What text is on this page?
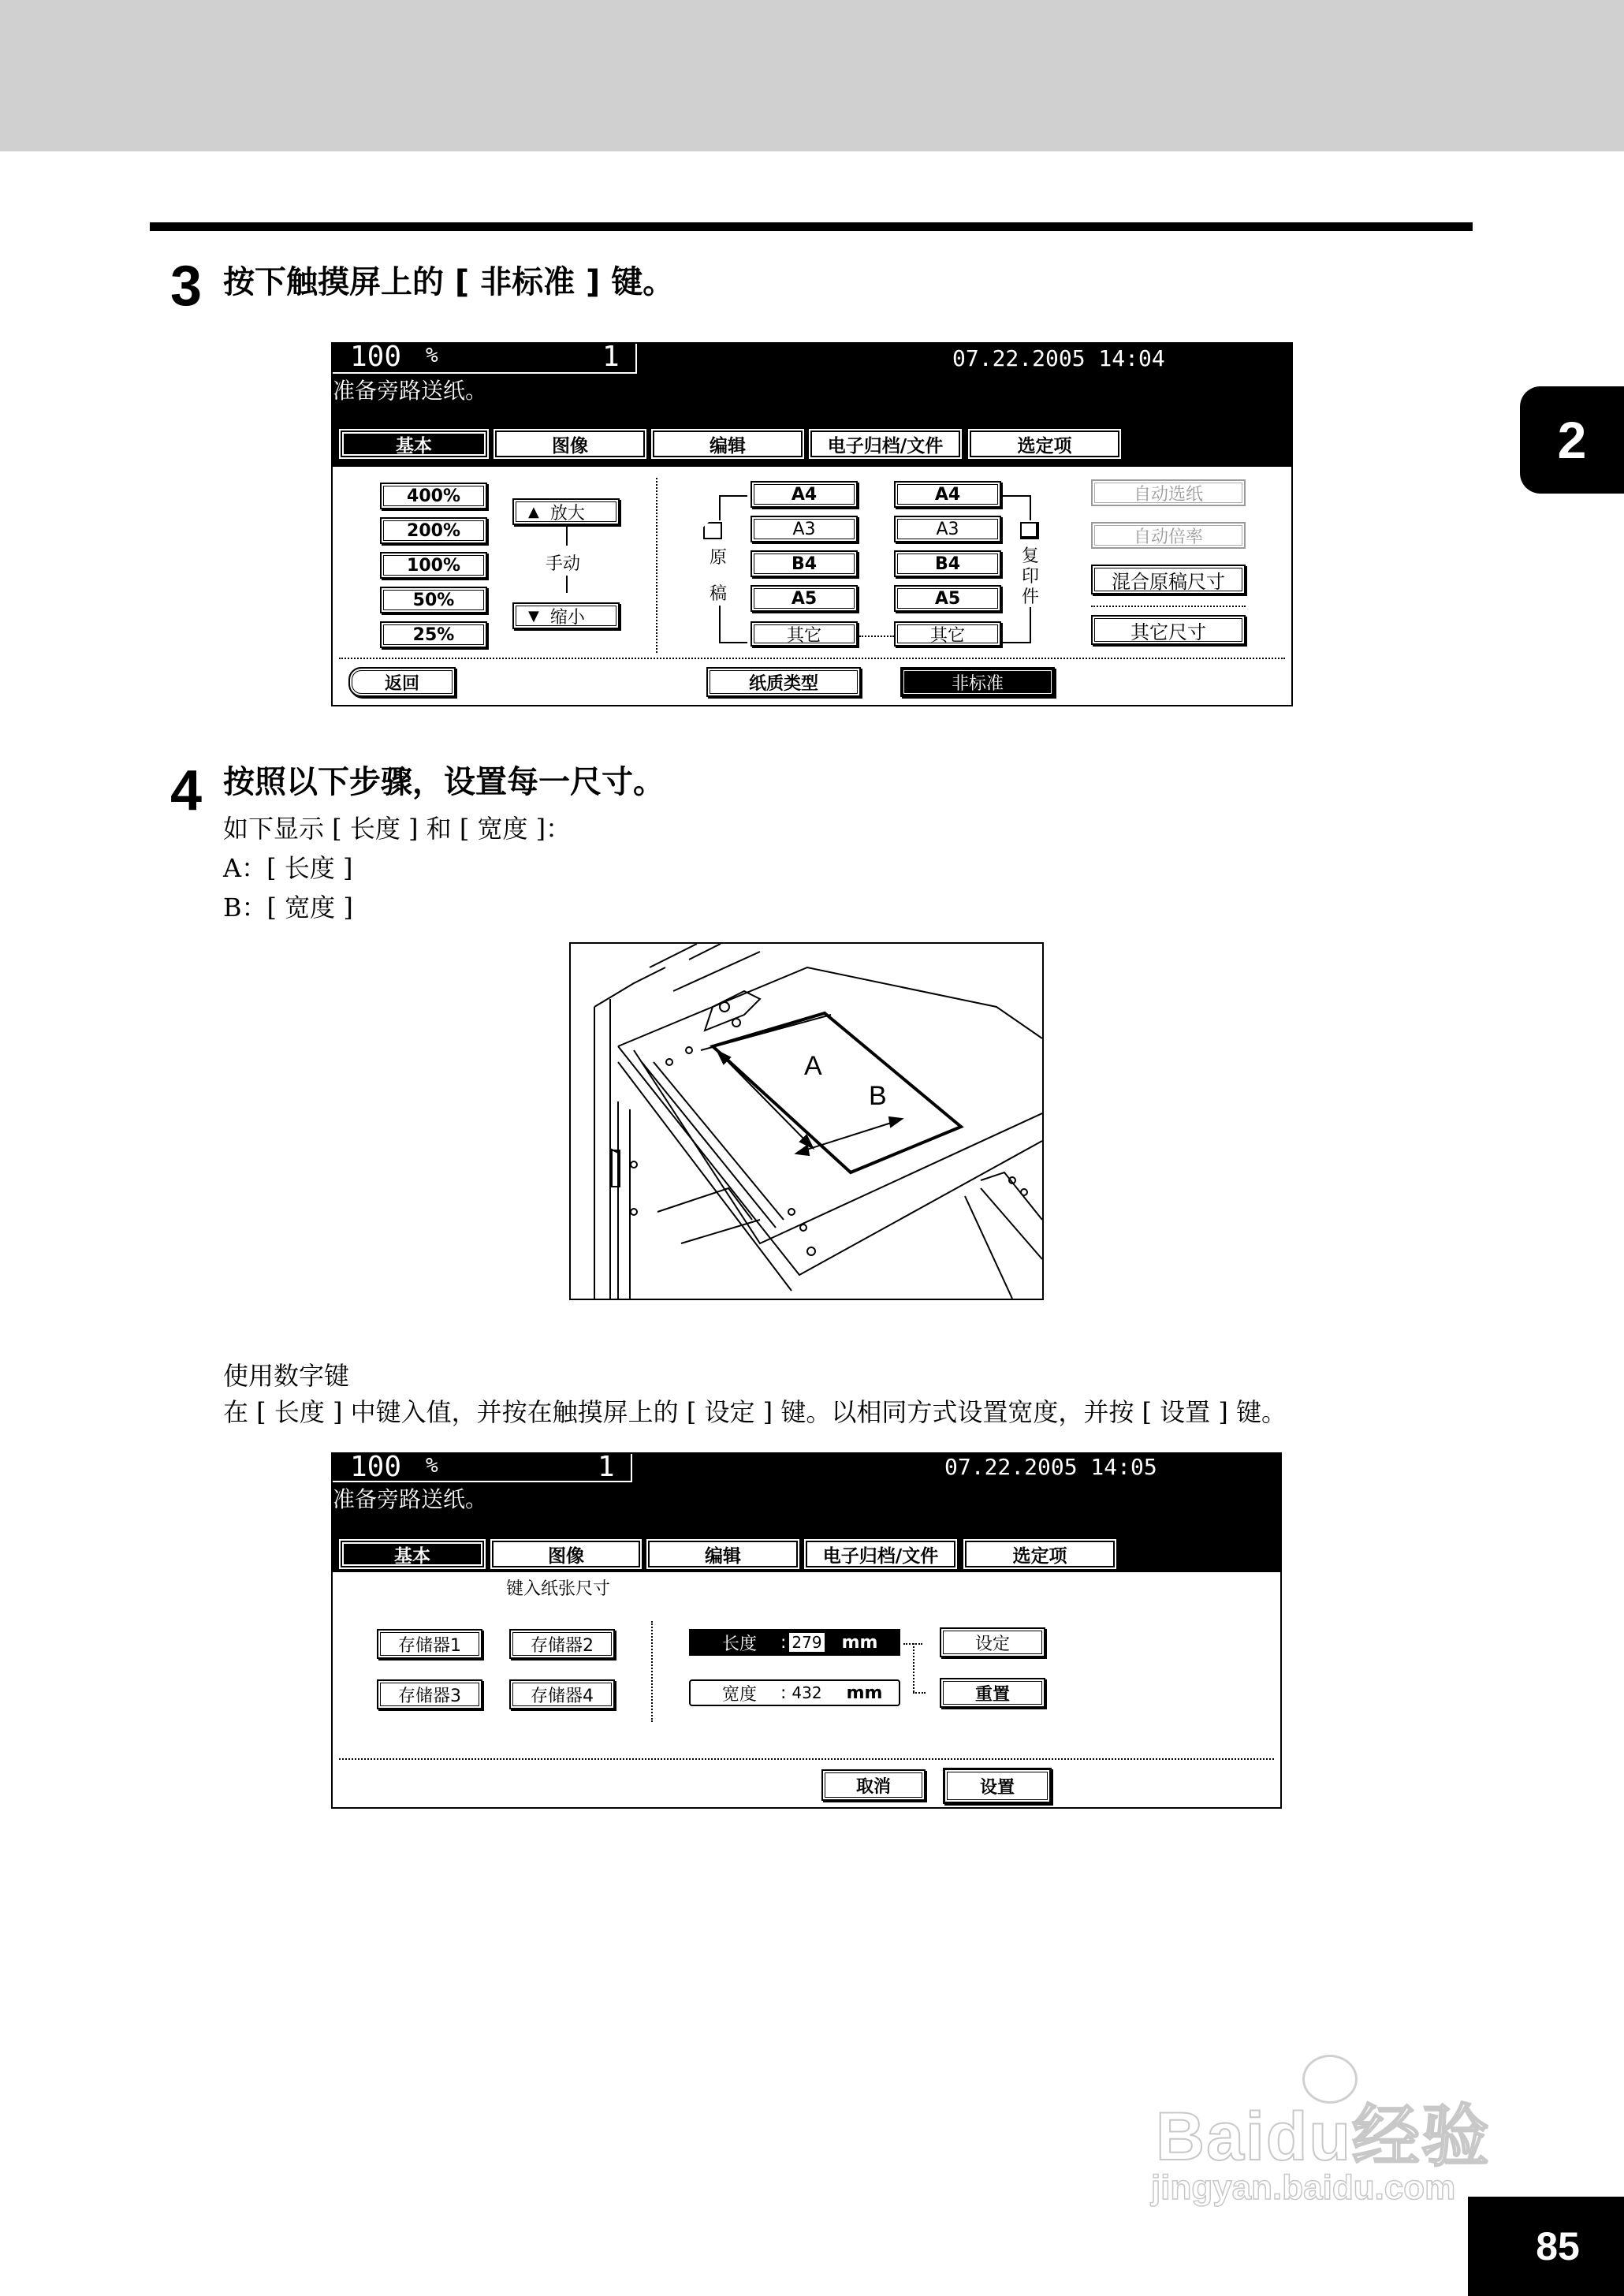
2
3 按下触摸屏上的 [ 非标准 ] 键。
100 %	1	07.22.2005 14:04
准备旁路送纸。
基本	图像	编辑	电子归档/文件	选定项
400%
200%
100%
50%
25%
▲ 放大
手动
▼ 缩小
原
稿
A4
A3
B4
A5
其它
A4
A3
B4
A5
其它
复
印
件
自动选纸
自动倍率
混合原稿尺寸
其它尺寸
返回	纸质类型	非标准
4 按照以下步骤，设置每一尺寸。
如下显示 [ 长度 ] 和 [ 宽度 ]：
A：[ 长度 ]
B：[ 宽度 ]
A
B
使用数字键
在 [ 长度 ] 中键入值，并按在触摸屏上的 [ 设定 ] 键。以相同方式设置宽度，并按 [ 设置 ] 键。
100 %	1	07.22.2005 14:05
准备旁路送纸。
基本	图像	编辑	电子归档/文件	选定项
键入纸张尺寸
存储器1	存储器2
存储器3	存储器4
长度	: 279 mm
宽度	: 432 mm
设定
重置
取消	设置
Baidu经验
jingyan.baidu.com
85
